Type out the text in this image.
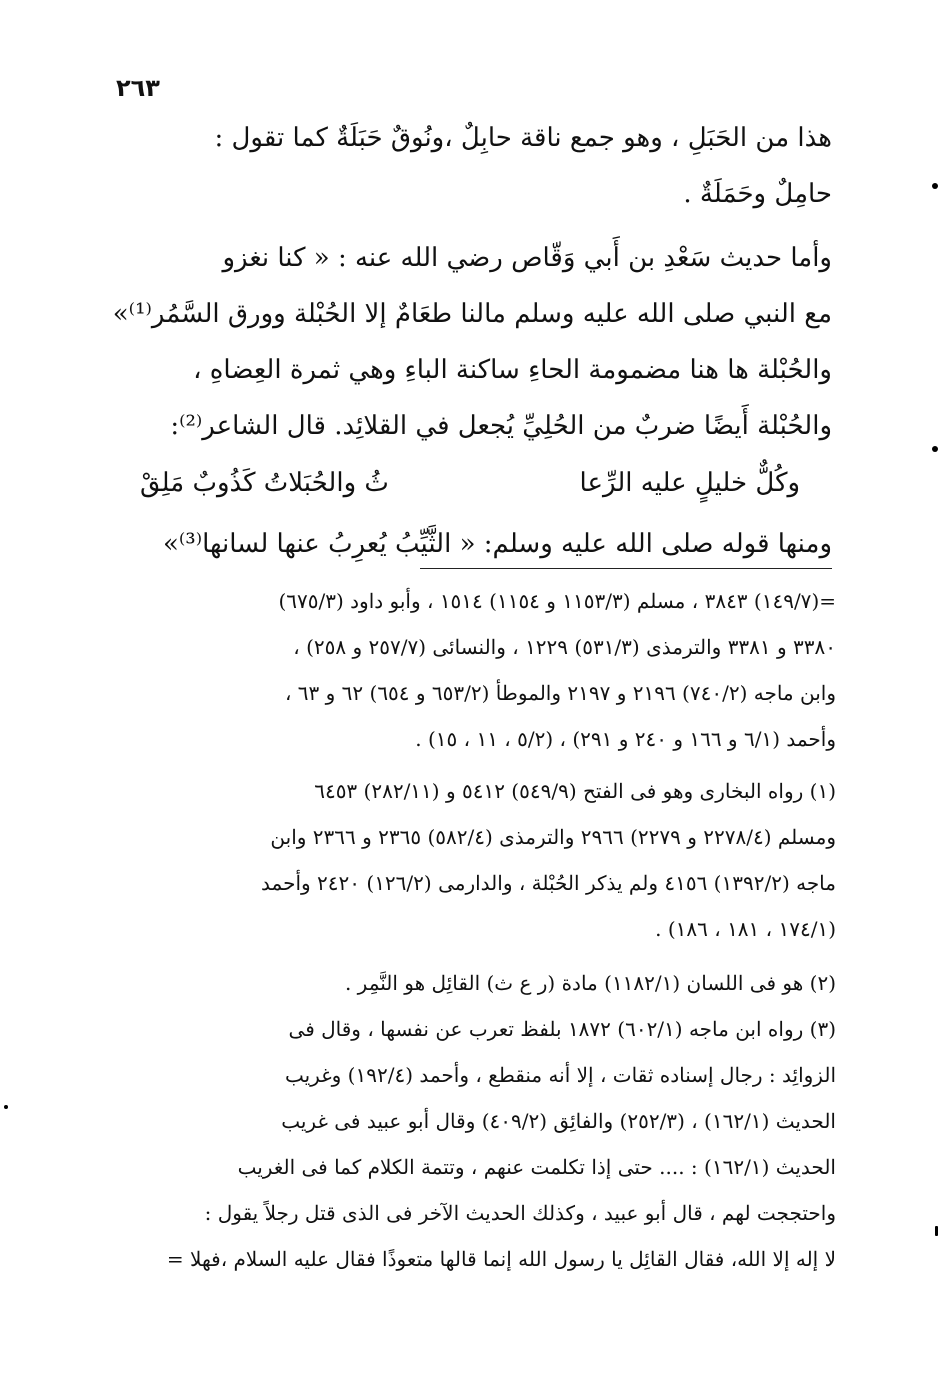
٢٦٣

هذا من الحَبَلِ ، وهو جمع ناقة حابِلٌ ،ونُوقٌ حَبَلَةٌ كما تقول :

حامِلٌ وحَمَلَةٌ .

وأما حديث سَعْدِ بن أَبي وَقّاص رضي الله عنه : « كنا نغزو

مع النبي صلى الله عليه وسلم مالنا طعَامٌ إلا الحُبْلة وورق السَّمُر⁽¹⁾»

والحُبْلة ها هنا مضمومة الحاءِ ساكنة الباءِ وهي ثمرة العِضاهِ ،

والحُبْلة أَيضًا ضربٌ من الحُلِيِّ يُجعل في القلائِد. قال الشاعر⁽²⁾:

وكُلٌّ خليلٍ عليه الرِّعا
ثُ والحُبَلاتُ كَذُوبٌ مَلِقْ

ومنها قوله صلى الله عليه وسلم: « الثَّيِّبُ يُعرِبُ عنها لسانها⁽³⁾»

=(١٤٩/٧) ٣٨٤٣ ، مسلم (١١٥٣/٣ و ١١٥٤) ١٥١٤ ، وأبو داود (٦٧٥/٣)

٣٣٨٠ و ٣٣٨١ والترمذى (٥٣١/٣) ١٢٢٩ ، والنسائى (٢٥٧/٧ و ٢٥٨) ،

وابن ماجه (٧٤٠/٢) ٢١٩٦ و ٢١٩٧ والموطأ (٦٥٣/٢ و ٦٥٤) ٦٢ و ٦٣ ،

وأحمد (٦/١ و ١٦٦ و ٢٤٠ و ٢٩١) ، (٥/٢ ، ١١ ، ١٥) .

(١) رواه البخارى وهو فى الفتح (٥٤٩/٩) ٥٤١٢ و (٢٨٢/١١) ٦٤٥٣

ومسلم (٢٢٧٨/٤ و ٢٢٧٩) ٢٩٦٦ والترمذى (٥٨٢/٤) ٢٣٦٥ و ٢٣٦٦ وابن

ماجه (١٣٩٢/٢) ٤١٥٦ ولم يذكر الحُبْلة ، والدارمى (١٢٦/٢) ٢٤٢٠ وأحمد

(١٧٤/١ ، ١٨١ ، ١٨٦) .

(٢) هو فى اللسان (١١٨٢/١) مادة (ر ع ث) القائِل هو النَّمِر .

(٣) رواه ابن ماجه (٦٠٢/١) ١٨٧٢ بلفظ تعرب عن نفسها ، وقال فى

الزوائِد : رجال إسناده ثقات ، إلا أنه منقطع ، وأحمد (١٩٢/٤) وغريب

الحديث (١٦٢/١) ، (٢٥٢/٣) والفائِق (٤٠٩/٢) وقال أبو عبيد فى غريب

الحديث (١٦٢/١) : .... حتى إذا تكلمت عنهم ، وتتمة الكلام كما فى الغريب

واحتججت لهم ، قال أبو عبيد ، وكذلك الحديث الآخر فى الذى قتل رجلاً يقول :

لا إله إلا الله، فقال القائِل يا رسول الله إنما قالها متعوذًا فقال عليه السلام ،فهلا =
